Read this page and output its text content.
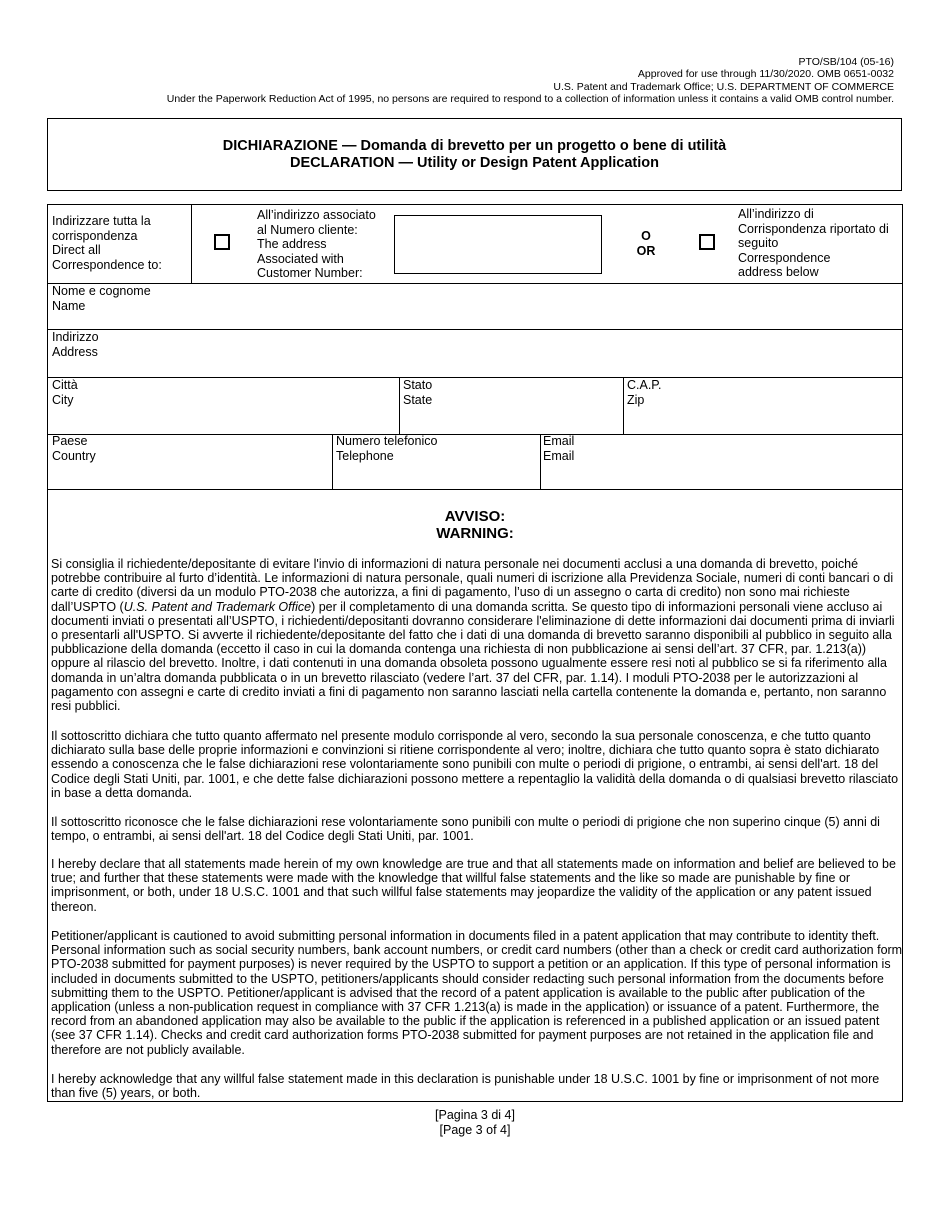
PTO/SB/104 (05-16)
Approved for use through 11/30/2020. OMB 0651-0032
U.S. Patent and Trademark Office; U.S. DEPARTMENT OF COMMERCE
Under the Paperwork Reduction Act of 1995, no persons are required to respond to a collection of information unless it contains a valid OMB control number.
DICHIARAZIONE — Domanda di brevetto per un progetto o bene di utilità
DECLARATION — Utility or Design Patent Application
Indirizzare tutta la
corrispondenza
Direct all
Correspondence to:
All’indirizzo associato
al Numero cliente:
The address
Associated with
Customer Number:
O
OR
All’indirizzo di
Corrispondenza riportato di
seguito
Correspondence
address below
Nome e cognome
Name
Indirizzo
Address
Città
City
Stato
State
C.A.P.
Zip
Paese
Country
Numero telefonico
Telephone
Email
Email
AVVISO:
WARNING:
Si consiglia il richiedente/depositante di evitare l'invio di informazioni di natura personale nei documenti acclusi a una domanda di brevetto, poiché potrebbe contribuire al furto d’identità. Le informazioni di natura personale, quali numeri di iscrizione alla Previdenza Sociale, numeri di conti bancari o di carte di credito (diversi da un modulo PTO-2038 che autorizza, a fini di pagamento, l’uso di un assegno o carta di credito) non sono mai richieste dall’USPTO (U.S. Patent and Trademark Office) per il completamento di una domanda scritta. Se questo tipo di informazioni personali viene accluso ai documenti inviati o presentati all’USPTO, i richiedenti/depositanti dovranno considerare l'eliminazione di dette informazioni dai documenti prima di inviarli o presentarli all'USPTO. Si avverte il richiedente/depositante del fatto che i dati di una domanda di brevetto saranno disponibili al pubblico in seguito alla pubblicazione della domanda (eccetto il caso in cui la domanda contenga una richiesta di non pubblicazione ai sensi dell’art. 37 CFR, par. 1.213(a)) oppure al rilascio del brevetto. Inoltre, i dati contenuti in una domanda obsoleta possono ugualmente essere resi noti al pubblico se si fa riferimento alla domanda in un’altra domanda pubblicata o in un brevetto rilasciato (vedere l’art. 37 del CFR, par. 1.14). I moduli PTO-2038 per le autorizzazioni al pagamento con assegni e carte di credito inviati a fini di pagamento non saranno lasciati nella cartella contenente la domanda e, pertanto, non saranno resi pubblici.
Il sottoscritto dichiara che tutto quanto affermato nel presente modulo corrisponde al vero, secondo la sua personale conoscenza, e che tutto quanto dichiarato sulla base delle proprie informazioni e convinzioni si ritiene corrispondente al vero; inoltre, dichiara che tutto quanto sopra è stato dichiarato essendo a conoscenza che le false dichiarazioni rese volontariamente sono punibili con multe o periodi di prigione, o entrambi, ai sensi dell'art. 18 del Codice degli Stati Uniti, par. 1001, e che dette false dichiarazioni possono mettere a repentaglio la validità della domanda o di qualsiasi brevetto rilasciato in base a detta domanda.
Il sottoscritto riconosce che le false dichiarazioni rese volontariamente sono punibili con multe o periodi di prigione che non superino cinque (5) anni di tempo, o entrambi, ai sensi dell'art. 18 del Codice degli Stati Uniti, par. 1001.
I hereby declare that all statements made herein of my own knowledge are true and that all statements made on information and belief are believed to be true; and further that these statements were made with the knowledge that willful false statements and the like so made are punishable by fine or imprisonment, or both, under 18 U.S.C. 1001 and that such willful false statements may jeopardize the validity of the application or any patent issued thereon.
Petitioner/applicant is cautioned to avoid submitting personal information in documents filed in a patent application that may contribute to identity theft. Personal information such as social security numbers, bank account numbers, or credit card numbers (other than a check or credit card authorization form PTO-2038 submitted for payment purposes) is never required by the USPTO to support a petition or an application. If this type of personal information is included in documents submitted to the USPTO, petitioners/applicants should consider redacting such personal information from the documents before submitting them to the USPTO. Petitioner/applicant is advised that the record of a patent application is available to the public after publication of the application (unless a non-publication request in compliance with 37 CFR 1.213(a) is made in the application) or issuance of a patent. Furthermore, the record from an abandoned application may also be available to the public if the application is referenced in a published application or an issued patent (see 37 CFR 1.14). Checks and credit card authorization forms PTO-2038 submitted for payment purposes are not retained in the application file and therefore are not publicly available.
I hereby acknowledge that any willful false statement made in this declaration is punishable under 18 U.S.C. 1001 by fine or imprisonment of not more than five (5) years, or both.
[Pagina 3 di 4]
[Page 3 of 4]
